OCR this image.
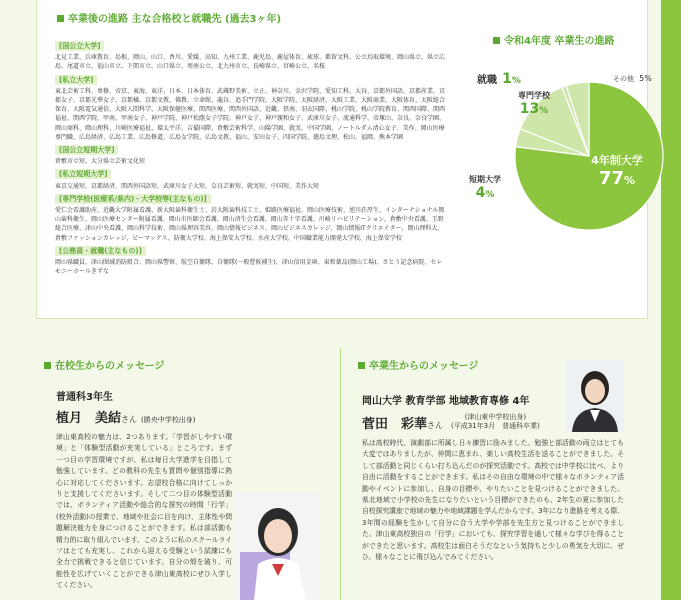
卒業後の進路 主な合格校と就職先 (過去3ヶ年)
[国公立大学]
北見工業、兵庫教育、島根、岡山、山口、香川、愛媛、高知、九州工業、鹿児島、鹿屋体育、琉球、都留文科、公立鳥取環境、岡山県立、県立広島、尾道市立、福山市立、下関市立、山口県立、周南公立、北九州市立、長崎県立、宮崎公立、名桜
[私立大学]
東北芸術工科、専修、帝京、東海、東洋、日本、日本体育、武蔵野美術、立正、神奈川、金沢学院、愛知工科、大谷、京都外国語、京都産業、京都女子、京都光華女子、京都橘、京都文教、佛教、立命館、龍谷、追手門学院、大阪学院、大阪経済、大阪工業、大阪商業、大阪体育、大阪総合保育、大阪電気通信、大阪人間科学、大阪保健医療、関西医療、関西外国語、近畿、摂南、羽衣国際、桃山学院、桃山学院教育、関西国際、関西福祉、関西学院、甲南、甲南女子、神戸学院、神戸松蔭女子学院、神戸女子、神戸親和女子、武庫川女子、流通科学、帝塚山、奈良、奈良学園、岡山商科、岡山理科、川崎医療福祉、環太平洋、吉備国際、倉敷芸術科学、山陽学園、就実、中国学園、ノートルダム清心女子、美作、岡山医療専門職、広島経済、広島工業、広島修道、広島女学院、広島文教、福山、安田女子、四国学院、徳島文理、松山、福岡、熊本学園
[国公立短期大学]
倉敷市立短、大分県立芸術文化短
[私立短期大学]
東京交通短、京都経済、関西外国語短、武庫川女子大短、奈良芸術短、就実短、中国短、美作大短
[専門学校(医療系/県内)・大学校等(主なもの)]
愛仁会看護助産、近畿大学附属看護、新大阪歯科衛生士、岩大阪歯科技工士、姫路医療福祉、岡山医療技術、旭川荘厚生、インターナショナル岡山歯科衛生、岡山医療センター附属看護、岡山市医師会看護、岡山済生会看護、岡山赤十字看護、川崎リハビリテーション、倉敷中央看護、玉野総合医療、津山中央看護、岡山科学技術、岡山県理容美容、岡山情報ビジネス、岡山ビジネスカレッジ、岡山情報ITクリエイター、岡山理科大、倉敷ファッションカレッジ、ビーマックス、防衛大学校、海上保安大学校、水産大学校、中国職業能力開発大学校、海上保安学校
[公務員・就職(主なもの)]
岡山県職員、津山圏域消防組合、岡山県警察、航空自衛隊、自衛隊(一般曹候補生)、津山信用金庫、東和薬品(岡山工場)、さとう記念病院、セレモニーホールきずな
令和4年度 卒業生の進路
4年制大学
77%
短期大学
4%
専門学校
13%
就職 1%	その他 5%
在校生からのメッセージ
普通科3年生
植月　美結さん (勝央中学校出身)
津山東高校の魅力は、2つあります。「学習がしやすい環境」と「体験型活動が充実している」ところです。まず一つ目の学習環境ですが、私は毎日大学進学を目指して勉強しています。どの教科の先生も質問や個別指導に熱心に対応してくださいます。志望校合格に向けてしっかりと支援してくださいます。そして二つ目の体験型活動では、ボランティア活動や総合的な探究の時間「行学」(校外活動)の授業で、地域や社会に目を向け、主体性や問題解決能力を身につけることができます。私は部活動も精力的に取り組んでいます。このように私のスクールライフはとても充実し、これから迎える受験という試練にも全力で挑戦できると信じています。自分の殻を破り、可能性を広げていくことができる津山東高校にぜひ入学してください。
卒業生からのメッセージ
岡山大学 教育学部 地域教育専修 4年
菅田　彩華さん
(津山東中学校出身)
(平成31年3月　普通科卒業)
私は高校時代、演劇部に所属し日々練習に励みました。勉強と部活動の両立はとても大変ではありましたが、仲間に恵まれ、楽しい高校生活を送ることができました。そして部活動と同じくらい打ち込んだのが探究活動です。高校では中学校に比べ、より自由に活動をすることができます。私はその自由な環境の中で様々なボランティア活動やイベントに参加し、自身の目標や、やりたいことを見つけることができました。県北地域で小学校の先生になりたいという目標ができたのも、2年生の夏に参加した自校探究講座で地域の魅力や地域課題を学んだからです。3年になり進路を考える際、3年間の経験を生かして自分に合う大学や学部を先生方と見つけることができました。津山東高校独自の「行学」においても、探究学習を通して様々な学びを得ることができたと思います。高校生は面白そうだなという気持ちと少しの勇気を大切に、ぜひ、様々なことに飛び込んでみてください。
